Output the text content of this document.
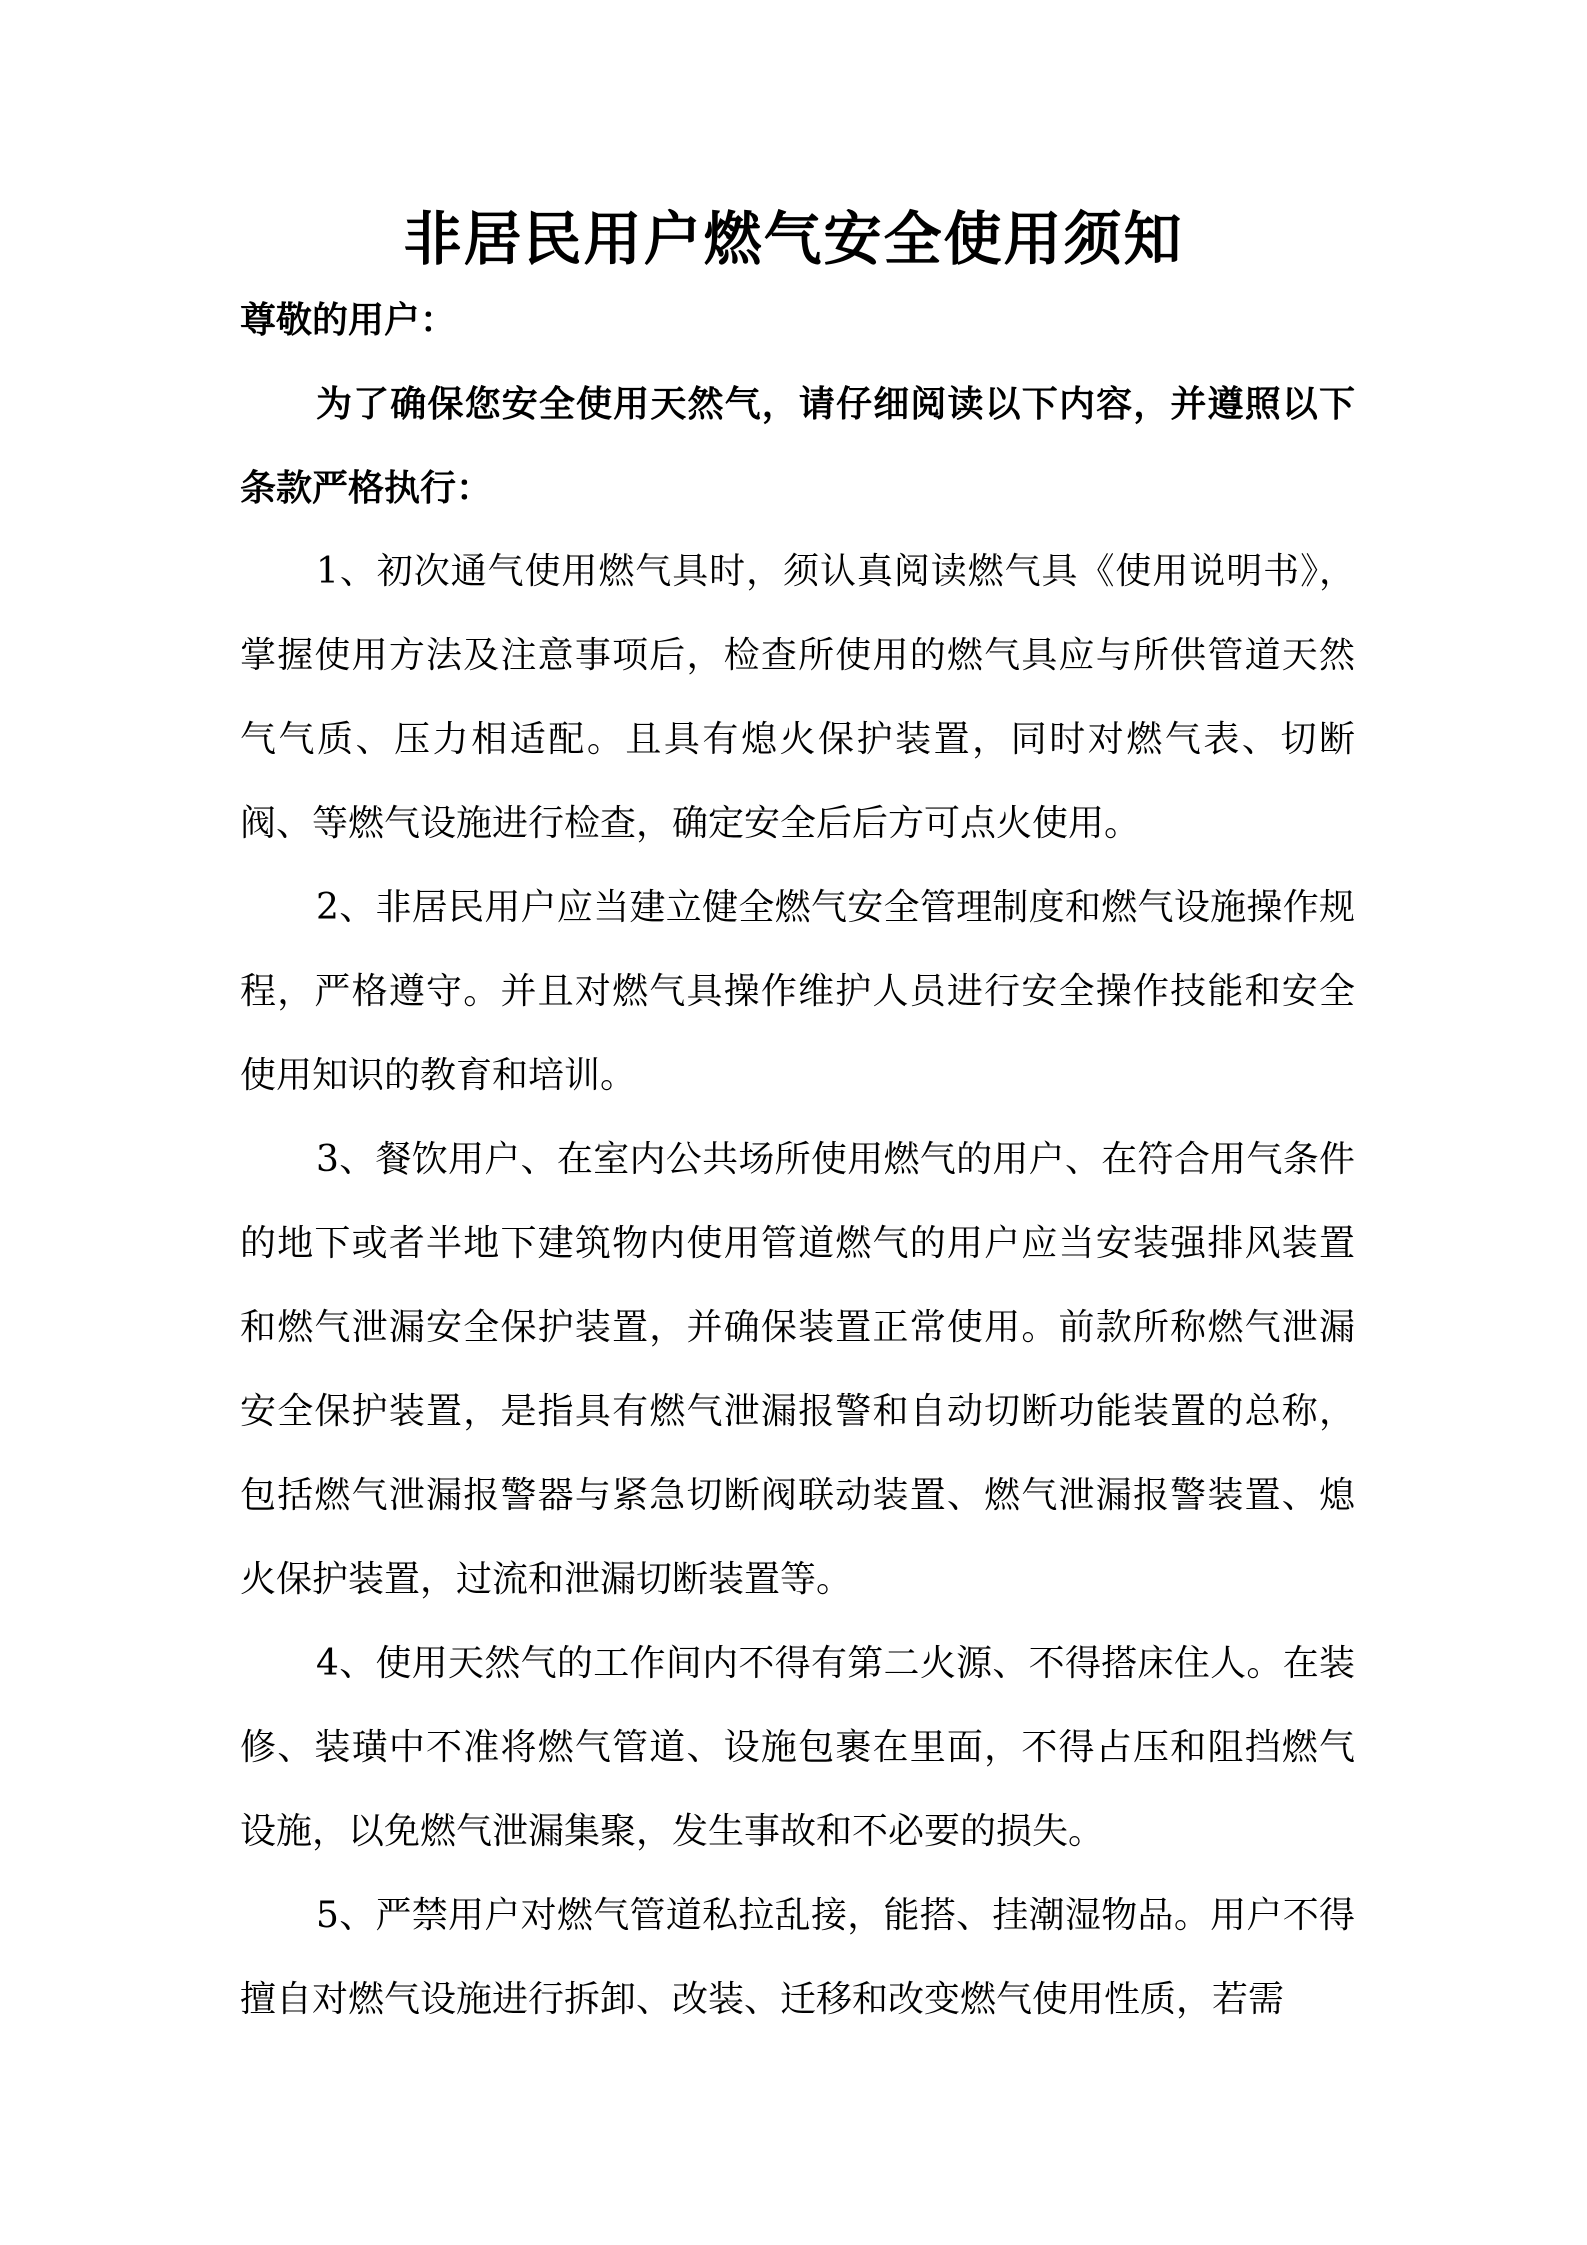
非居民用户燃气安全使用须知

尊敬的用户：

为了确保您安全使用天然气，请仔细阅读以下内容，并遵照以下条款严格执行：

1、初次通气使用燃气具时，须认真阅读燃气具《使用说明书》，掌握使用方法及注意事项后，检查所使用的燃气具应与所供管道天然气气质、压力相适配。且具有熄火保护装置，同时对燃气表、切断阀、等燃气设施进行检查，确定安全后后方可点火使用。

2、非居民用户应当建立健全燃气安全管理制度和燃气设施操作规程，严格遵守。并且对燃气具操作维护人员进行安全操作技能和安全使用知识的教育和培训。

3、餐饮用户、在室内公共场所使用燃气的用户、在符合用气条件的地下或者半地下建筑物内使用管道燃气的用户应当安装强排风装置和燃气泄漏安全保护装置，并确保装置正常使用。前款所称燃气泄漏安全保护装置，是指具有燃气泄漏报警和自动切断功能装置的总称，包括燃气泄漏报警器与紧急切断阀联动装置、燃气泄漏报警装置、熄火保护装置，过流和泄漏切断装置等。

4、使用天然气的工作间内不得有第二火源、不得搭床住人。在装修、装璜中不准将燃气管道、设施包裹在里面，不得占压和阻挡燃气设施，以免燃气泄漏集聚，发生事故和不必要的损失。

5、严禁用户对燃气管道私拉乱接，能搭、挂潮湿物品。用户不得擅自对燃气设施进行拆卸、改装、迁移和改变燃气使用性质，若需
